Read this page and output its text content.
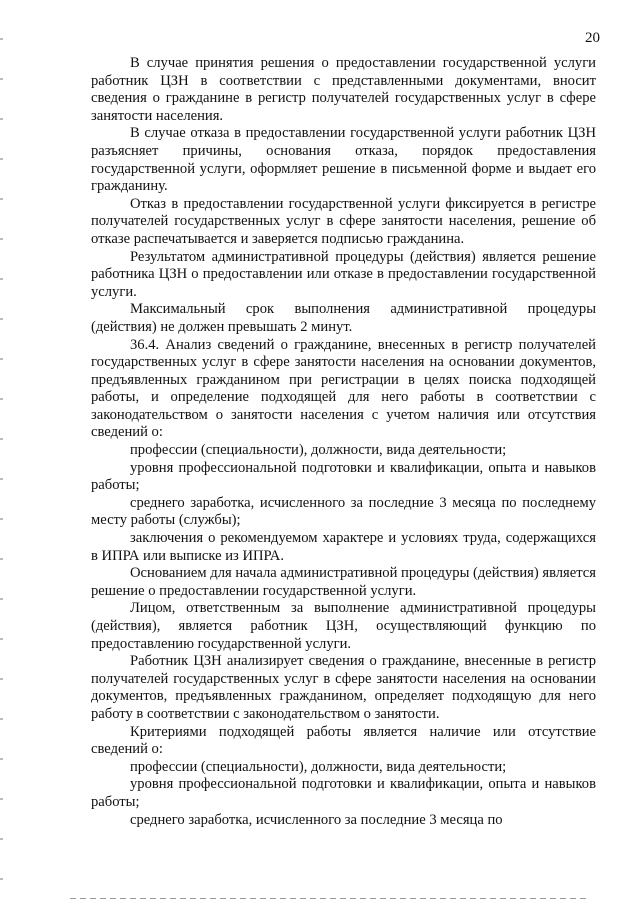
20

В случае принятия решения о предоставлении государственной услуги работник ЦЗН в соответствии с представленными документами, вносит сведения о гражданине в регистр получателей государственных услуг в сфере занятости населения.

В случае отказа в предоставлении государственной услуги работник ЦЗН разъясняет причины, основания отказа, порядок предоставления государственной услуги, оформляет решение в письменной форме и выдает его гражданину.

Отказ в предоставлении государственной услуги фиксируется в регистре получателей государственных услуг в сфере занятости населения, решение об отказе распечатывается и заверяется подписью гражданина.

Результатом административной процедуры (действия) является решение работника ЦЗН о предоставлении или отказе в предоставлении государственной услуги.

Максимальный срок выполнения административной процедуры (действия) не должен превышать 2 минут.

36.4. Анализ сведений о гражданине, внесенных в регистр получателей государственных услуг в сфере занятости населения на основании документов, предъявленных гражданином при регистрации в целях поиска подходящей работы, и определение подходящей для него работы в соответствии с законодательством о занятости населения с учетом наличия или отсутствия сведений о:

профессии (специальности), должности, вида деятельности;

уровня профессиональной подготовки и квалификации, опыта и навыков работы;

среднего заработка, исчисленного за последние 3 месяца по последнему месту работы (службы);

заключения о рекомендуемом характере и условиях труда, содержащихся в ИПРА или выписке из ИПРА.

Основанием для начала административной процедуры (действия) является решение о предоставлении государственной услуги.

Лицом, ответственным за выполнение административной процедуры (действия), является работник ЦЗН, осуществляющий функцию по предоставлению государственной услуги.

Работник ЦЗН анализирует сведения о гражданине, внесенные в регистр получателей государственных услуг в сфере занятости населения на основании документов, предъявленных гражданином, определяет подходящую для него работу в соответствии с законодательством о занятости.

Критериями подходящей работы является наличие или отсутствие сведений о:

профессии (специальности), должности, вида деятельности;

уровня профессиональной подготовки и квалификации, опыта и навыков работы;

среднего заработка, исчисленного за последние 3 месяца по
